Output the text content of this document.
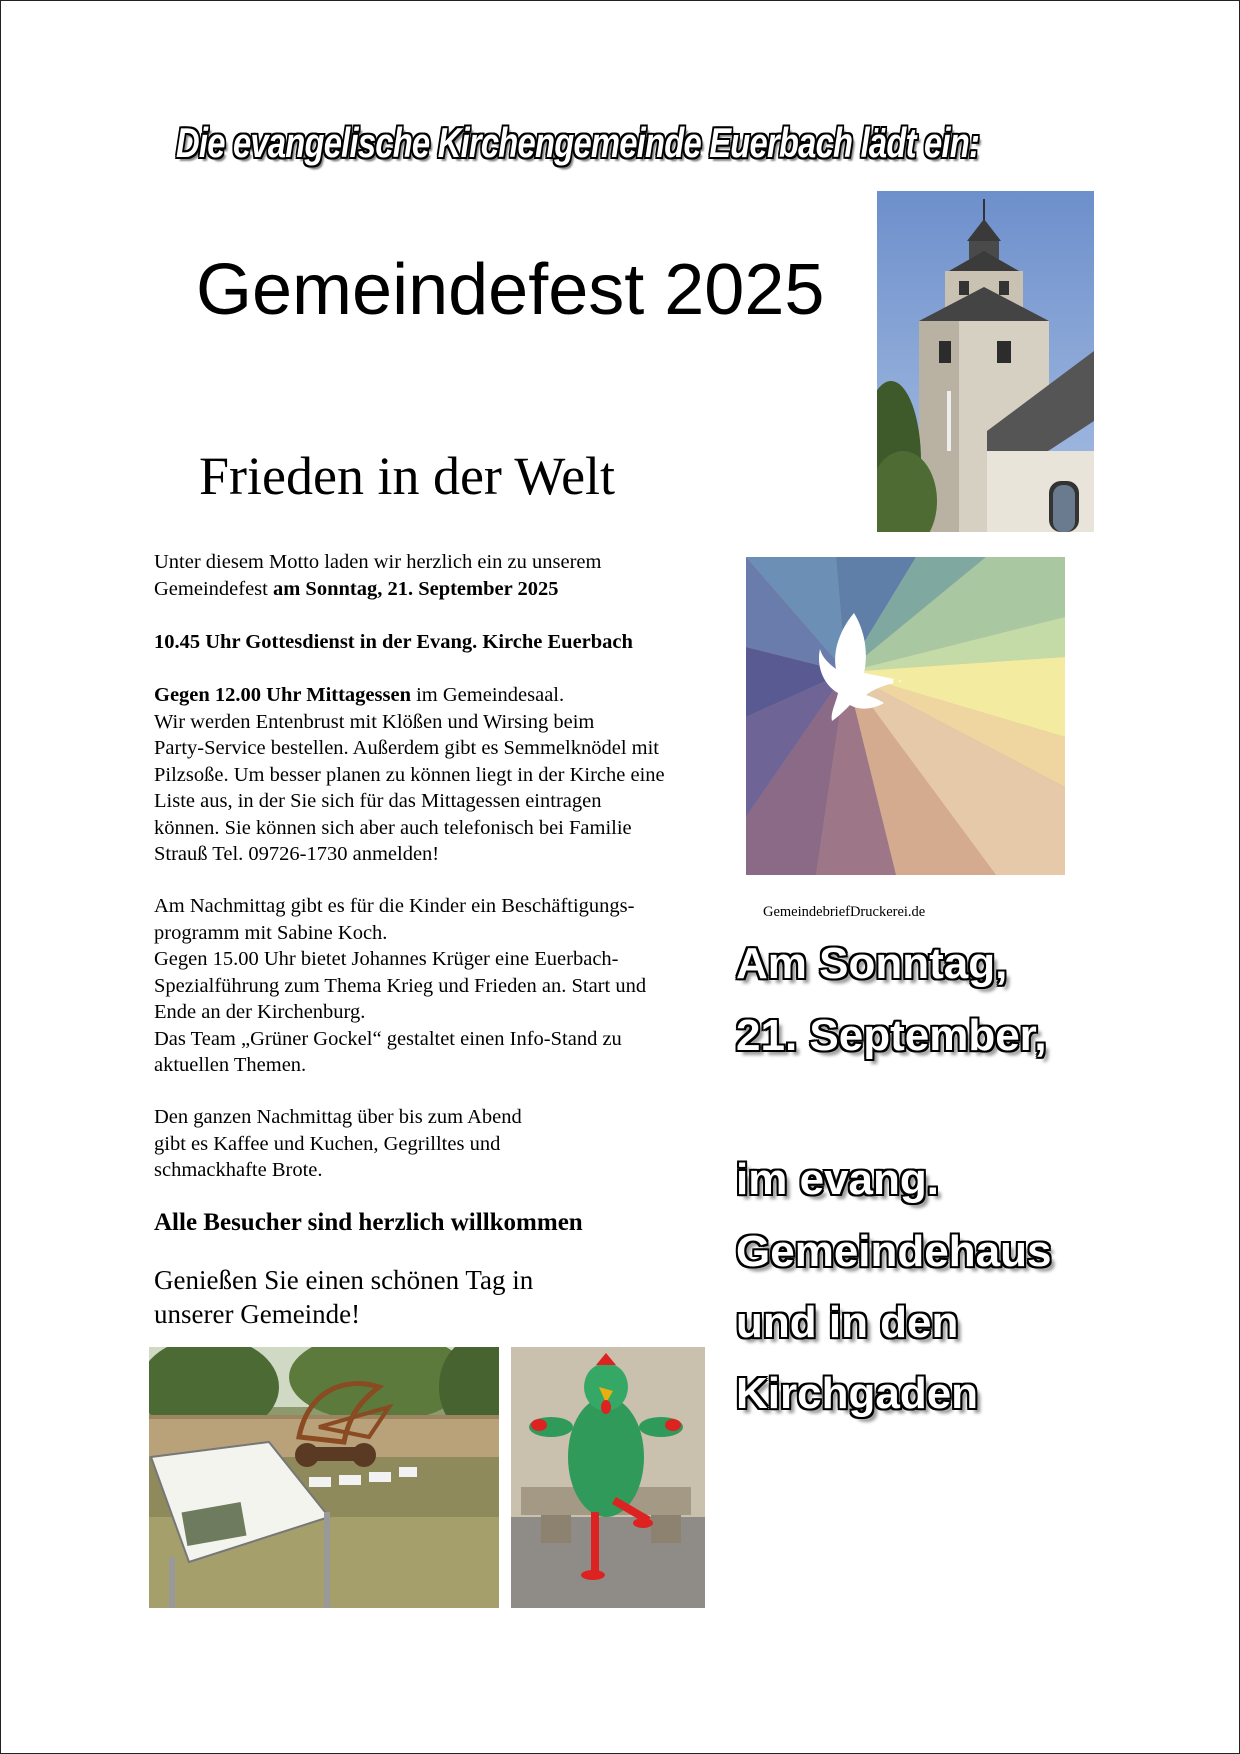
Die evangelische Kirchengemeinde Euerbach lädt ein:
Gemeindefest 2025
Frieden in der Welt
GemeindebriefDruckerei.de

Unter diesem Motto laden wir herzlich ein zu unserem

Gemeindefest am Sonntag, 21. September 2025

10.45 Uhr Gottesdienst in der Evang. Kirche Euerbach

Gegen 12.00 Uhr Mittagessen im Gemeindesaal.

Wir werden Entenbrust mit Klößen und Wirsing beim

Party-Service bestellen. Außerdem gibt es Semmelknödel mit

Pilzsoße. Um besser planen zu können liegt in der Kirche eine

Liste aus, in der Sie sich für das Mittagessen eintragen

können. Sie können sich aber auch telefonisch bei Familie

Strauß Tel. 09726-1730 anmelden!

Am Nachmittag gibt es für die Kinder ein Beschäftigungs-

programm mit Sabine Koch.

Gegen 15.00 Uhr bietet Johannes Krüger eine Euerbach-

Spezialführung zum Thema Krieg und Frieden an. Start und

Ende an der Kirchenburg.

Das Team „Grüner Gockel“ gestaltet einen Info-Stand zu

aktuellen Themen.

Den ganzen Nachmittag über bis zum Abend

gibt es Kaffee und Kuchen, Gegrilltes und

schmackhafte Brote.

Alle Besucher sind herzlich willkommen
Genießen Sie einen schönen Tag in
unserer Gemeinde!
Am Sonntag,
21. September,
im evang.
Gemeindehaus
und in den
Kirchgaden
